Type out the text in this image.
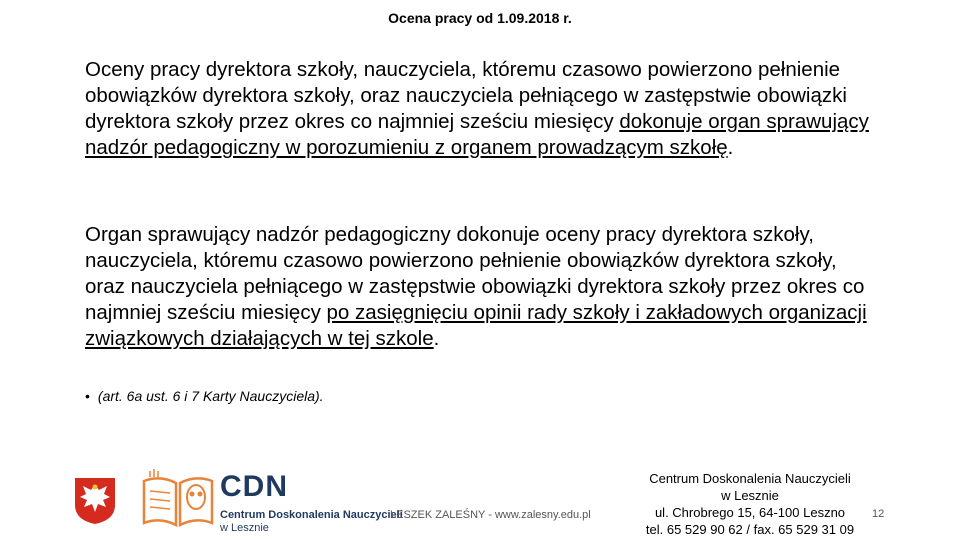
Ocena pracy od 1.09.2018 r.

Oceny pracy dyrektora szkoły, nauczyciela, któremu czasowo powierzono pełnienie obowiązków dyrektora szkoły, oraz nauczyciela pełniącego w zastępstwie obowiązki dyrektora szkoły przez okres co najmniej sześciu miesięcy dokonuje organ sprawujący nadzór pedagogiczny w porozumieniu z organem prowadzącym szkołę.

Organ sprawujący nadzór pedagogiczny dokonuje oceny pracy dyrektora szkoły, nauczyciela, któremu czasowo powierzono pełnienie obowiązków dyrektora szkoły, oraz nauczyciela pełniącego w zastępstwie obowiązki dyrektora szkoły przez okres co najmniej sześciu miesięcy po zasięgnięciu opinii rady szkoły i zakładowych organizacji związkowych działających w tej szkole.

• (art. 6a ust. 6 i 7 Karty Nauczyciela).
CDN
Centrum Doskonalenia Nauczycieli
w Lesznie
LESZEK ZALEŚNY - www.zalesny.edu.pl
Centrum Doskonalenia Nauczycieli
w Lesznie
ul. Chrobrego 15, 64-100 Leszno
tel. 65 529 90 62 / fax. 65 529 31 09
12
